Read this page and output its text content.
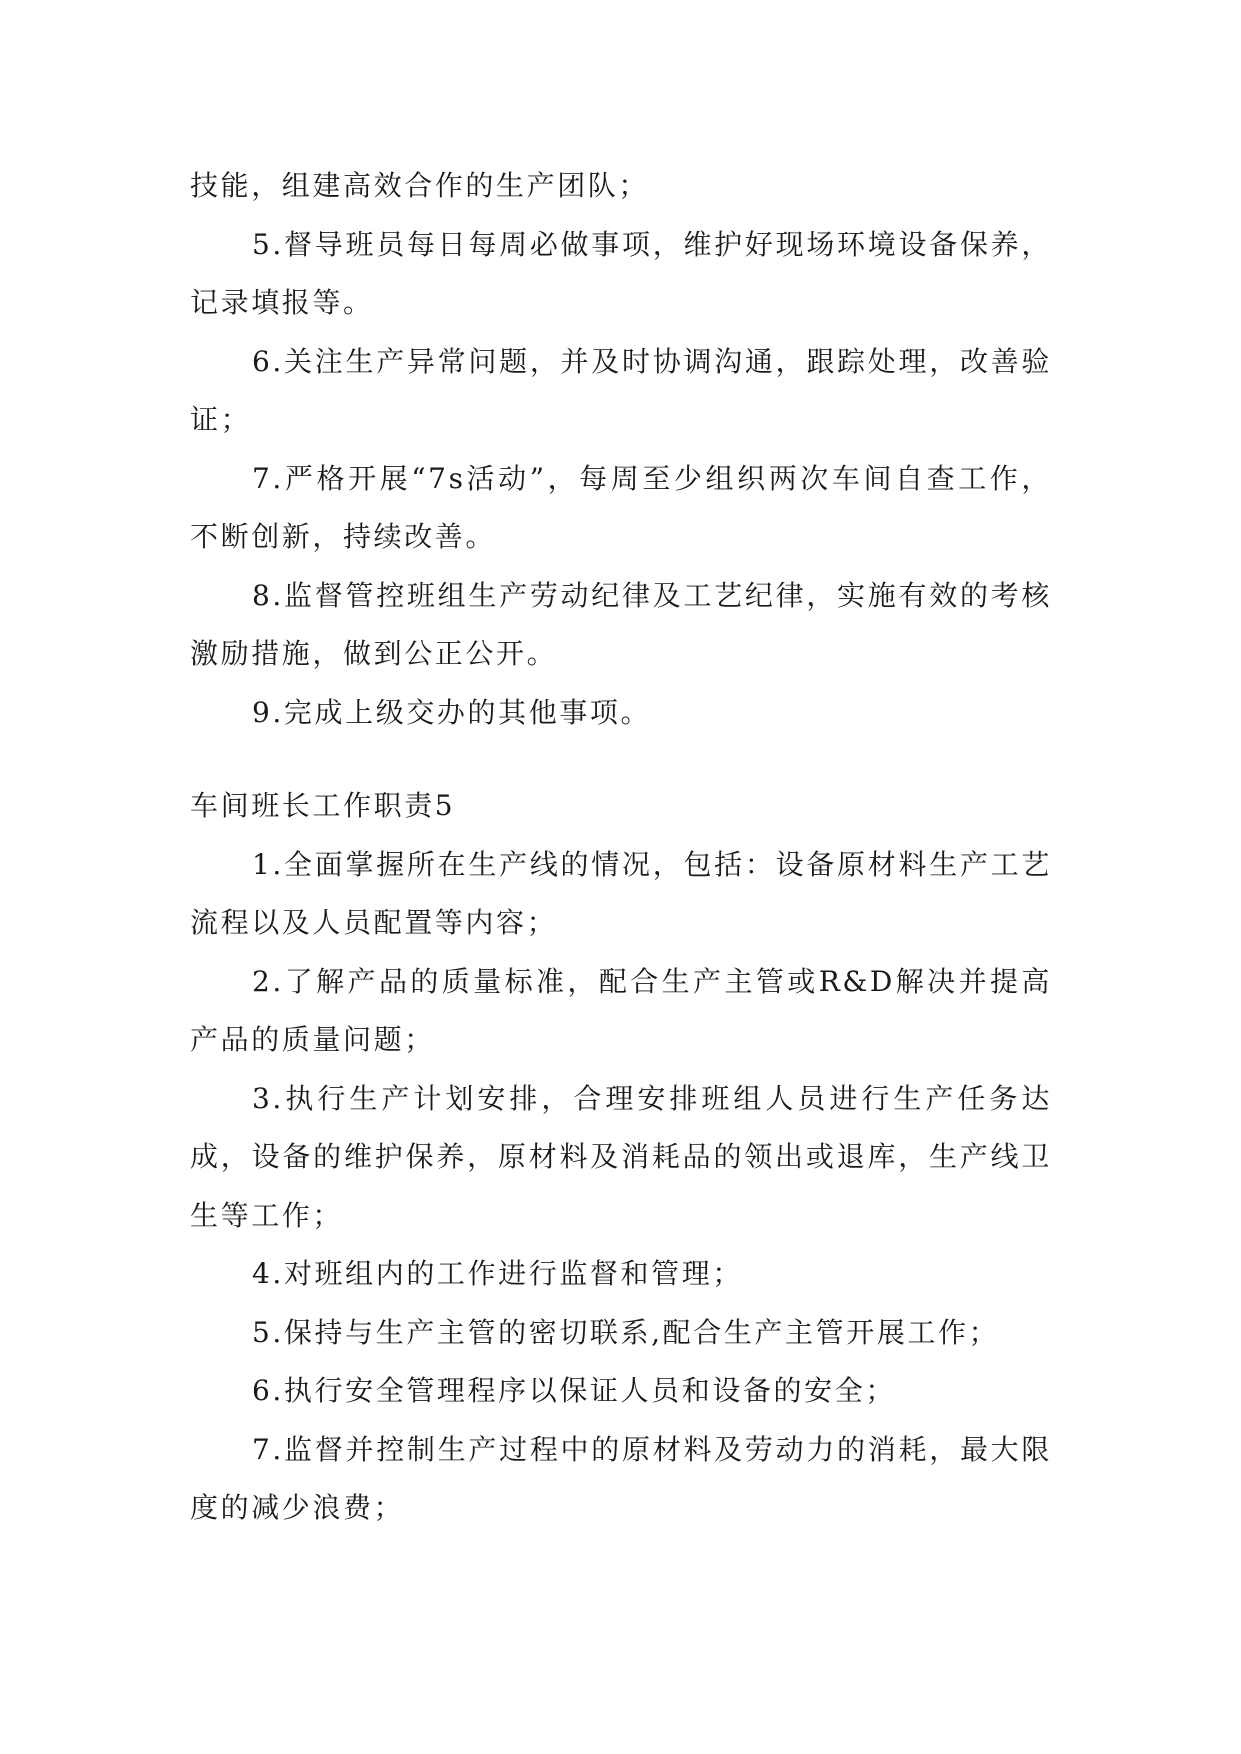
技能，组建高效合作的生产团队；

5.督导班员每日每周必做事项，维护好现场环境设备保养，记录填报等。

6.关注生产异常问题，并及时协调沟通，跟踪处理，改善验证；

7.严格开展“7s活动”，每周至少组织两次车间自查工作，不断创新，持续改善。

8.监督管控班组生产劳动纪律及工艺纪律，实施有效的考核激励措施，做到公正公开。

9.完成上级交办的其他事项。

车间班长工作职责5

1.全面掌握所在生产线的情况，包括：设备原材料生产工艺流程以及人员配置等内容；

2.了解产品的质量标准，配合生产主管或R&D解决并提高产品的质量问题；

3.执行生产计划安排，合理安排班组人员进行生产任务达成，设备的维护保养，原材料及消耗品的领出或退库，生产线卫生等工作；

4.对班组内的工作进行监督和管理；

5.保持与生产主管的密切联系,配合生产主管开展工作；

6.执行安全管理程序以保证人员和设备的安全；

7.监督并控制生产过程中的原材料及劳动力的消耗，最大限度的减少浪费；
